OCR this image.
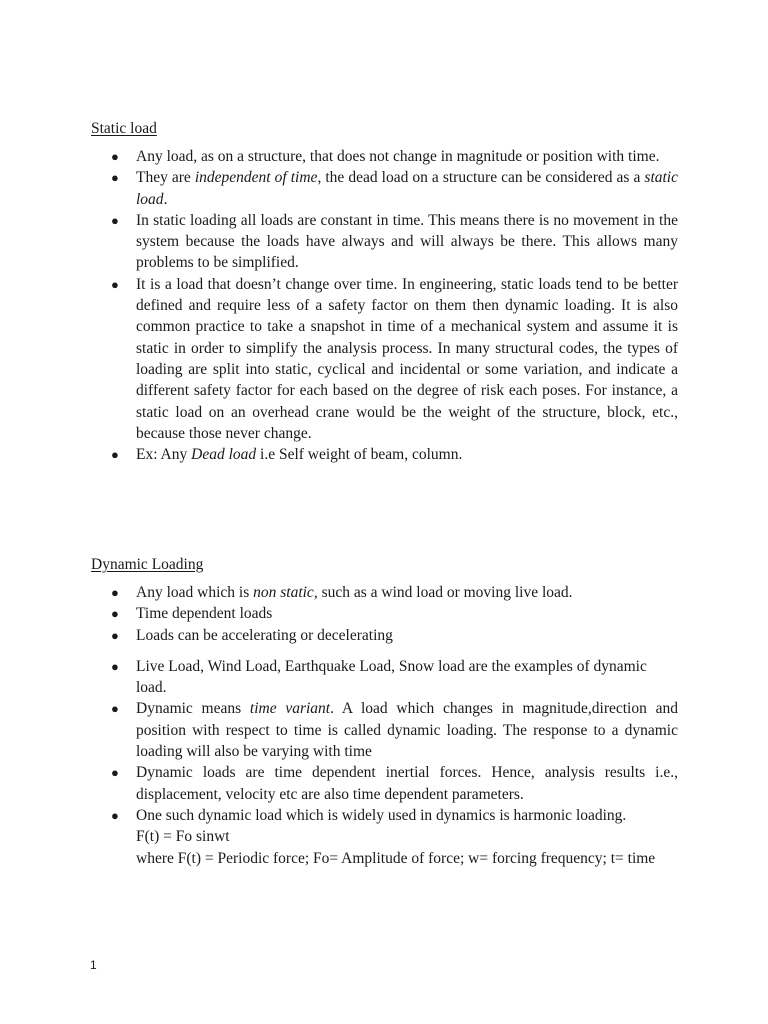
Static load
● Any load, as on a structure, that does not change in magnitude or position with time.
● They are independent of time, the dead load on a structure can be considered as a static load.
● In static loading all loads are constant in time. This means there is no movement in the system because the loads have always and will always be there. This allows many problems to be simplified.
● It is a load that doesn’t change over time. In engineering, static loads tend to be better defined and require less of a safety factor on them then dynamic loading. It is also common practice to take a snapshot in time of a mechanical system and assume it is static in order to simplify the analysis process. In many structural codes, the types of loading are split into static, cyclical and incidental or some variation, and indicate a different safety factor for each based on the degree of risk each poses. For instance, a static load on an overhead crane would be the weight of the structure, block, etc., because those never change.
● Ex: Any Dead load i.e Self weight of beam, column.
Dynamic Loading
● Any load which is non static, such as a wind load or moving live load.
● Time dependent loads
● Loads can be accelerating or decelerating
● Live Load, Wind Load, Earthquake Load, Snow load are the examples of dynamic load.
● Dynamic means time variant. A load which changes in magnitude,direction and position with respect to time is called dynamic loading. The response to a dynamic loading will also be varying with time
● Dynamic loads are time dependent inertial forces. Hence, analysis results i.e., displacement, velocity etc are also time dependent parameters.
● One such dynamic load which is widely used in dynamics is harmonic loading.
F(t) = Fo sinwt
where F(t) = Periodic force; Fo= Amplitude of force; w= forcing frequency; t= time
1
